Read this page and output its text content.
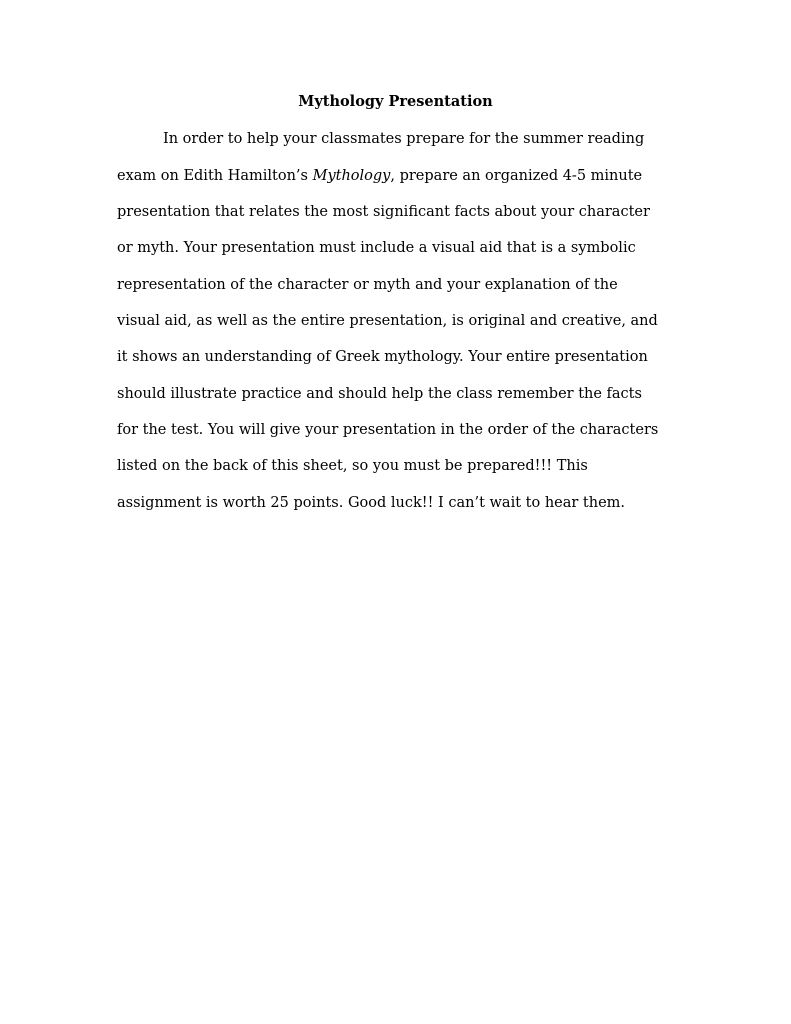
Mythology Presentation

In order to help your classmates prepare for the summer reading

exam on Edith Hamilton’s Mythology, prepare an organized 4-5 minute

presentation that relates the most significant facts about your character

or myth. Your presentation must include a visual aid that is a symbolic

representation of the character or myth and your explanation of the

visual aid, as well as the entire presentation, is original and creative, and

it shows an understanding of Greek mythology. Your entire presentation

should illustrate practice and should help the class remember the facts

for the test. You will give your presentation in the order of the characters

listed on the back of this sheet, so you must be prepared!!! This

assignment is worth 25 points. Good luck!! I can’t wait to hear them.
